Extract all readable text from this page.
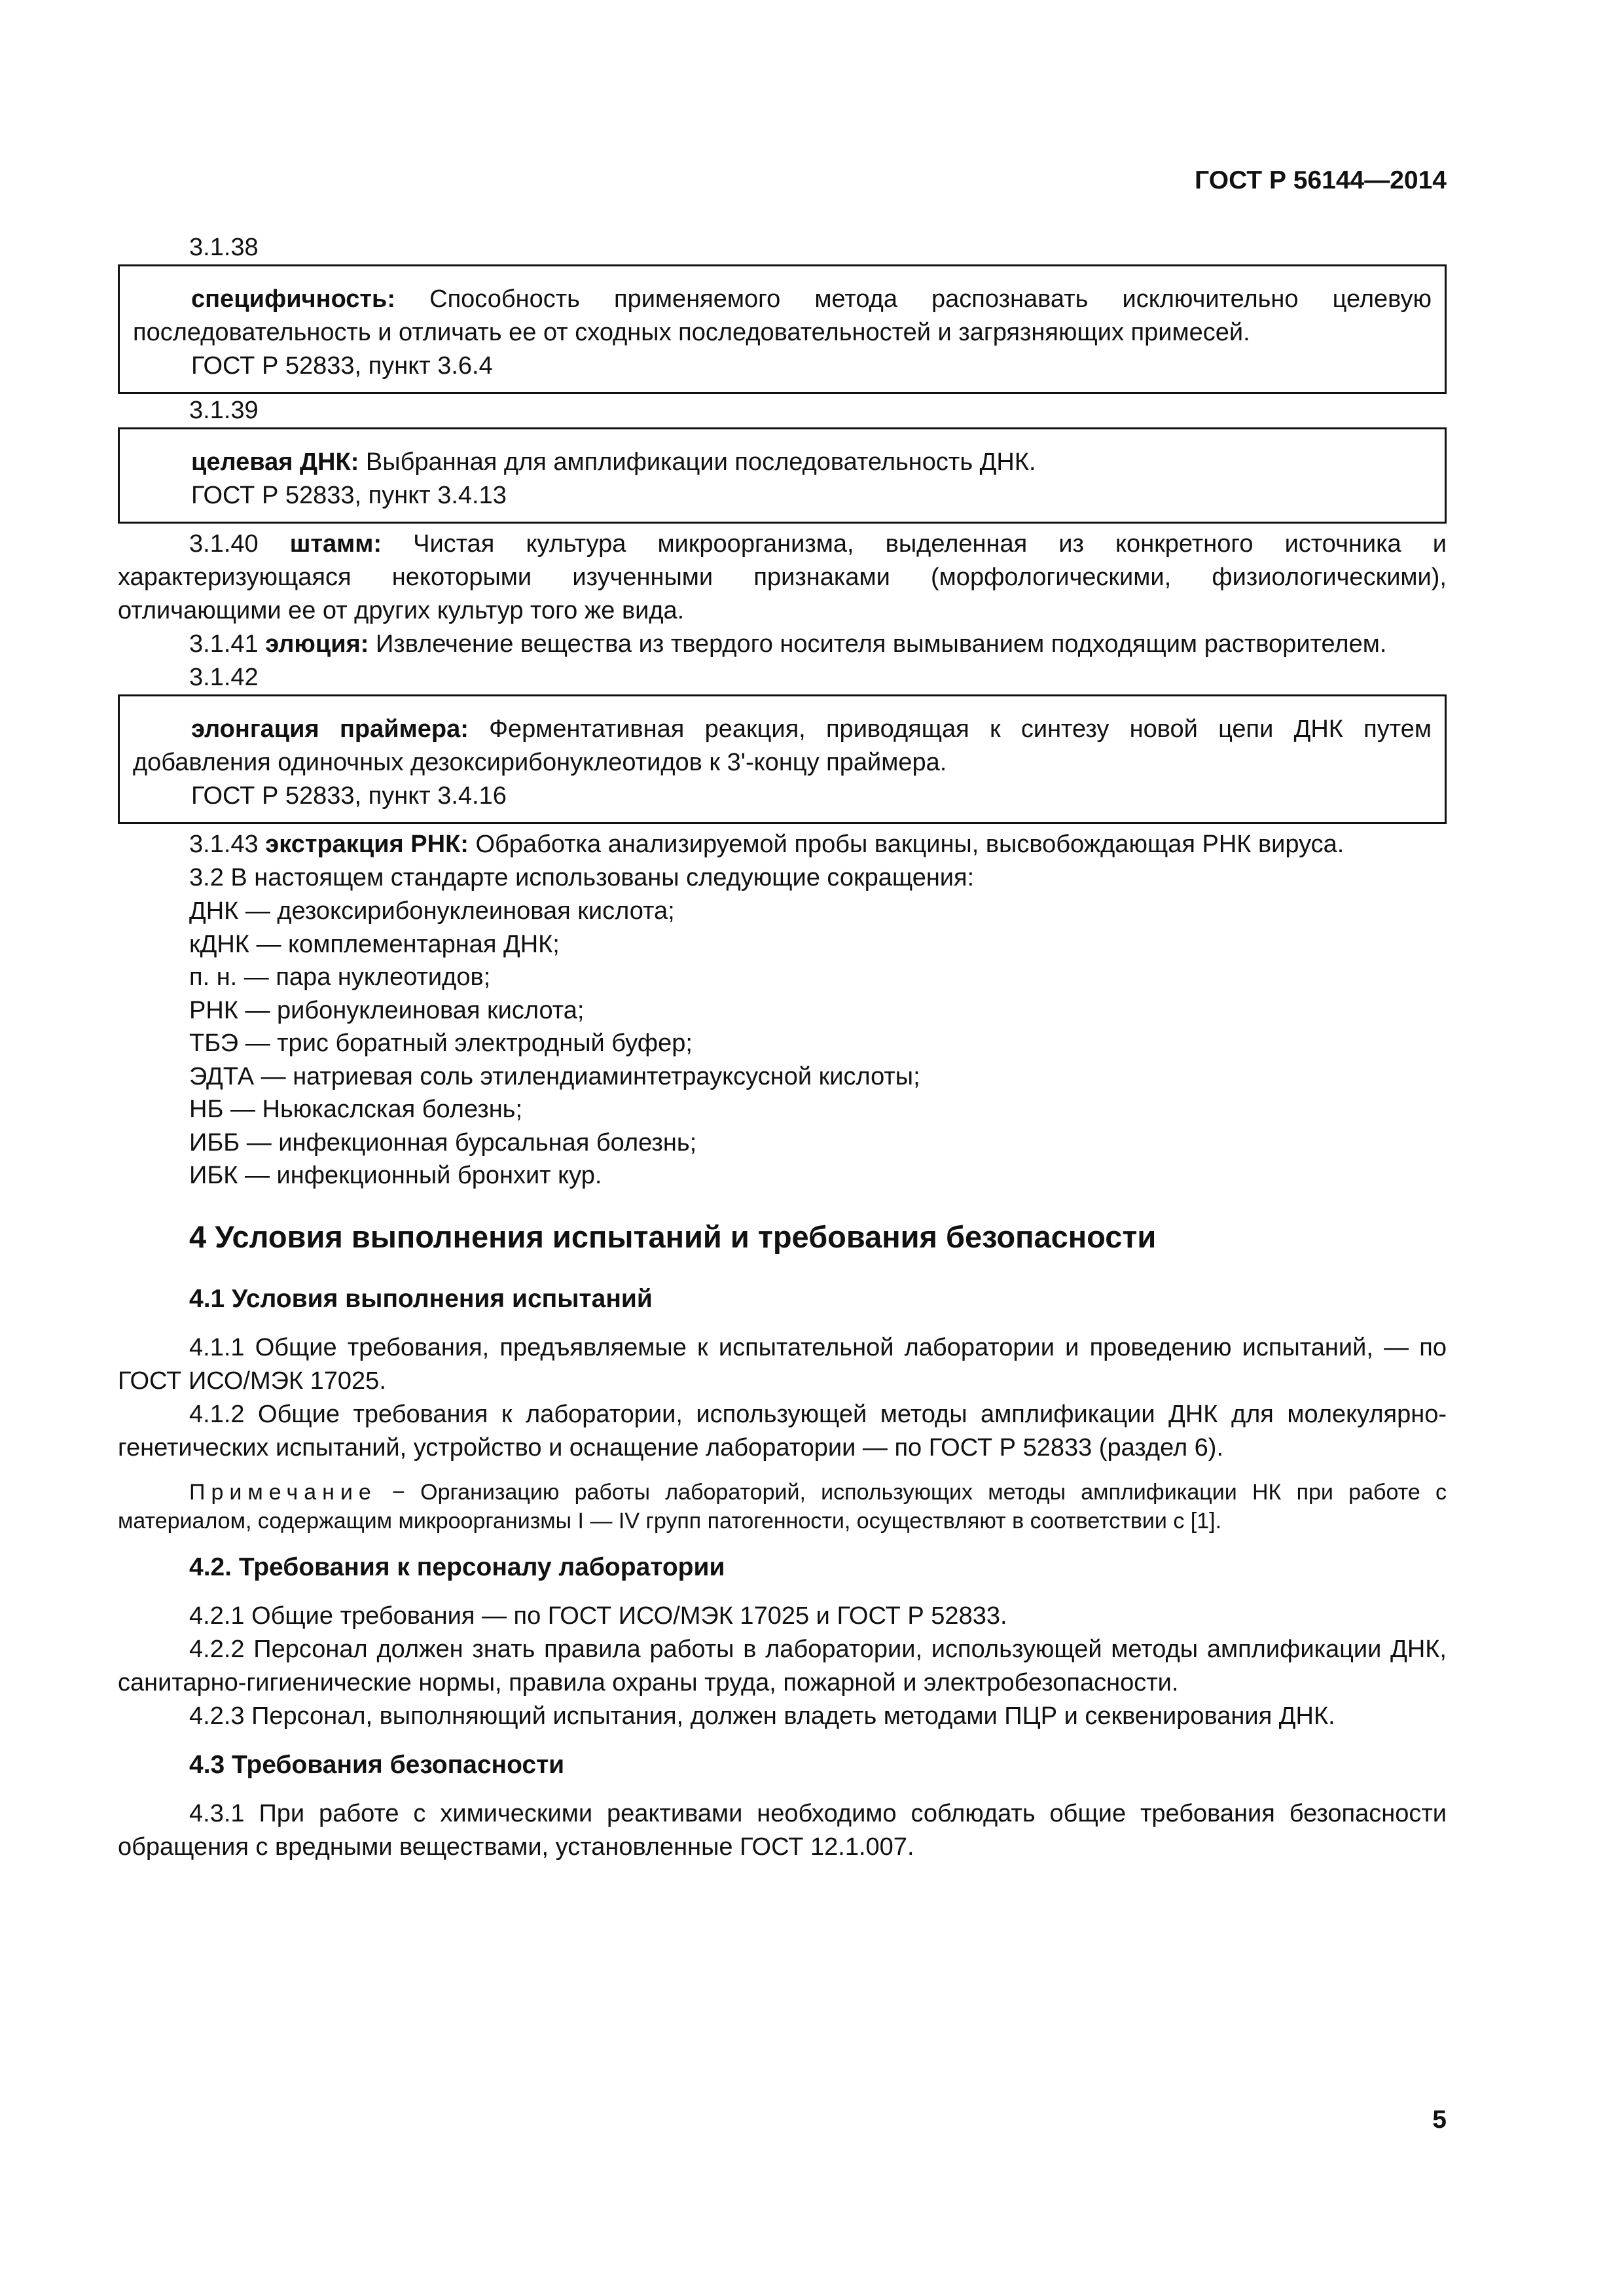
ГОСТ Р 56144—2014
3.1.38

специфичность: Способность применяемого метода распознавать исключительно целевую последовательность и отличать ее от сходных последовательностей и загрязняющих примесей.

ГОСТ Р 52833, пункт 3.6.4
3.1.39

целевая ДНК: Выбранная для амплификации последовательность ДНК.

ГОСТ Р 52833, пункт 3.4.13

3.1.40 штамм: Чистая культура микроорганизма, выделенная из конкретного источника и характеризующаяся некоторыми изученными признаками (морфологическими, физиологическими), отличающими ее от других культур того же вида.

3.1.41 элюция: Извлечение вещества из твердого носителя вымыванием подходящим растворителем.

3.1.42

элонгация праймера: Ферментативная реакция, приводящая к синтезу новой цепи ДНК путем добавления одиночных дезоксирибонуклеотидов к 3'-концу праймера.

ГОСТ Р 52833, пункт 3.4.16

3.1.43 экстракция РНК: Обработка анализируемой пробы вакцины, высвобождающая РНК вируса.

3.2 В настоящем стандарте использованы следующие сокращения:

ДНК — дезоксирибонуклеиновая кислота;
кДНК — комплементарная ДНК;
п. н. — пара нуклеотидов;
РНК — рибонуклеиновая кислота;
ТБЭ — трис боратный электродный буфер;
ЭДТА — натриевая соль этилендиаминтетрауксусной кислоты;
НБ — Ньюкаслская болезнь;
ИББ — инфекционная бурсальная болезнь;
ИБК — инфекционный бронхит кур.
4 Условия выполнения испытаний и требования безопасности
4.1 Условия выполнения испытаний

4.1.1 Общие требования, предъявляемые к испытательной лаборатории и проведению испытаний, — по ГОСТ ИСО/МЭК 17025.

4.1.2 Общие требования к лаборатории, использующей методы амплификации ДНК для молекулярно-генетических испытаний, устройство и оснащение лаборатории — по ГОСТ Р 52833 (раздел 6).

Примечание − Организацию работы лабораторий, использующих методы амплификации НК при работе с материалом, содержащим микроорганизмы I — IV групп патогенности, осуществляют в соответствии с [1].

4.2. Требования к персоналу лаборатории

4.2.1 Общие требования — по ГОСТ ИСО/МЭК 17025 и ГОСТ Р 52833.

4.2.2 Персонал должен знать правила работы в лаборатории, использующей методы амплификации ДНК, санитарно-гигиенические нормы, правила охраны труда, пожарной и электробезопасности.

4.2.3 Персонал, выполняющий испытания, должен владеть методами ПЦР и секвенирования ДНК.

4.3 Требования безопасности

4.3.1 При работе с химическими реактивами необходимо соблюдать общие требования безопасности обращения с вредными веществами, установленные ГОСТ 12.1.007.

5
